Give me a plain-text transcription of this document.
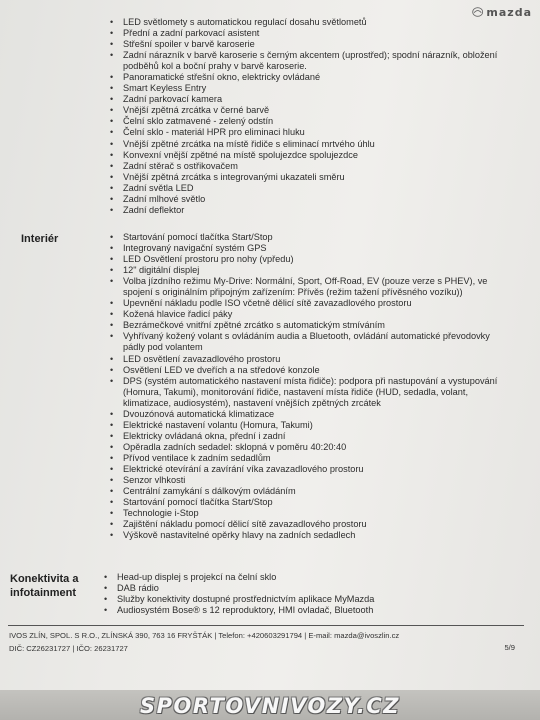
mazda
• LED světlomety s automatickou regulací dosahu světlometů
• Přední a zadní parkovací asistent
• Střešní spoiler v barvě karoserie
• Zadní nárazník v barvě karoserie s černým akcentem (uprostřed); spodní nárazník, obložení
podběhů kol a boční prahy v barvě karoserie.
• Panoramatické střešní okno, elektricky ovládané
• Smart Keyless Entry
• Zadní parkovací kamera
• Vnější zpětná zrcátka v černé barvě
• Čelní sklo zatmavené - zelený odstín
• Čelní sklo - materiál HPR pro eliminaci hluku
• Vnější zpětné zrcátka na místě řidiče s eliminací mrtvého úhlu
• Konvexní vnější zpětné na místě spolujezdce spolujezdce
• Zadní stěrač s ostřikovačem
• Vnější zpětná zrcátka s integrovanými ukazateli směru
• Zadní světla LED
• Zadní mlhové světlo
• Zadní deflektor
Interiér
•	Startování pomocí tlačítka Start/Stop
• Integrovaný navigační systém GPS
• LED Osvětlení prostoru pro nohy (vpředu)
• 12" digitální displej
• Volba jízdního režimu My-Drive: Normální, Sport, Off-Road, EV (pouze verze s PHEV), ve
spojení s originálním připojným zařízením: Přívěs (režim tažení přívěsného vozíku))
• Upevnění nákladu podle ISO včetně dělicí sítě zavazadlového prostoru
• Kožená hlavice řadicí páky
• Bezrámečkové vnitřní zpětné zrcátko s automatickým stmíváním
• Vyhřívaný kožený volant s ovládáním audia a Bluetooth, ovládání automatické převodovky
pádly pod volantem
• LED osvětlení zavazadlového prostoru
• Osvětlení LED ve dveřích a na středové konzole
• DPS (systém automatického nastavení místa řidiče): podpora při nastupování a vystupování
(Homura, Takumi), monitorování řidiče, nastavení místa řidiče (HUD, sedadla, volant,
klimatizace, audiosystém), nastavení vnějších zpětných zrcátek
• Dvouzónová automatická klimatizace
• Elektrické nastavení volantu (Homura, Takumi)
• Elektricky ovládaná okna, přední i zadní
• Opěradla zadních sedadel: sklopná v poměru 40:20:40
• Přívod ventilace k zadním sedadlům
• Elektrické otevírání a zavírání víka zavazadlového prostoru
• Senzor vlhkosti
• Centrální zamykání s dálkovým ovládáním
• Startování pomocí tlačítka Start/Stop
• Technologie i-Stop
• Zajištění nákladu pomocí dělicí sítě zavazadlového prostoru
• Výškově nastavitelné opěrky hlavy na zadních sedadlech
Konektivita a
infotainment
• Head-up displej s projekcí na čelní sklo
• DAB rádio
• Služby konektivity dostupné prostřednictvím aplikace MyMazda
• Audiosystém Bose® s 12 reproduktory, HMI ovladač, Bluetooth
IVOS ZLÍN, SPOL. S R.O., ZLÍNSKÁ 390, 763 16 FRYŠTÁK | Telefon: +420603291794 | E-mail: mazda@ivoszlin.cz
DIČ: CZ26231727 | IČO: 26231727	5/9
SPORTOVNIVOZY.CZ
